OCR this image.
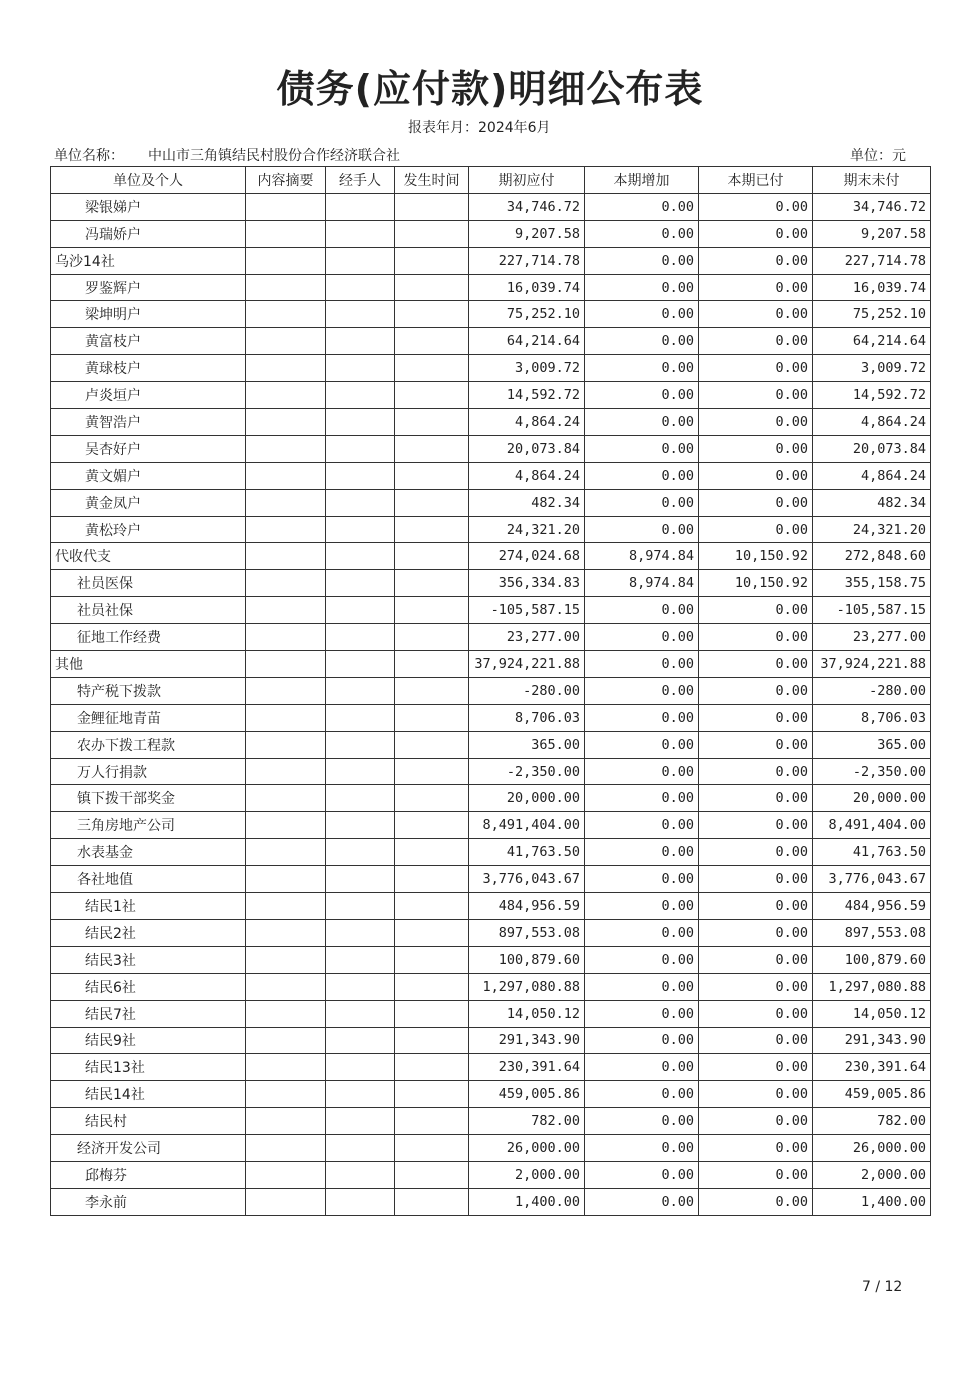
债务(应付款)明细公布表
报表年月：2024年6月
单位名称： 中山市三角镇结民村股份合作经济联合社	单位：元
单位及个人	内容摘要	经手人	发生时间	期初应付	本期增加	本期已付	期末未付
梁银娣户				34,746.72	0.00	0.00	34,746.72
冯瑞娇户				9,207.58	0.00	0.00	9,207.58
乌沙14社				227,714.78	0.00	0.00	227,714.78
罗鉴辉户				16,039.74	0.00	0.00	16,039.74
梁坤明户				75,252.10	0.00	0.00	75,252.10
黄富枝户				64,214.64	0.00	0.00	64,214.64
黄球枝户				3,009.72	0.00	0.00	3,009.72
卢炎垣户				14,592.72	0.00	0.00	14,592.72
黄智浩户				4,864.24	0.00	0.00	4,864.24
吴杏好户				20,073.84	0.00	0.00	20,073.84
黄文媚户				4,864.24	0.00	0.00	4,864.24
黄金凤户				482.34	0.00	0.00	482.34
黄松玲户				24,321.20	0.00	0.00	24,321.20
代收代支				274,024.68	8,974.84	10,150.92	272,848.60
社员医保				356,334.83	8,974.84	10,150.92	355,158.75
社员社保				-105,587.15	0.00	0.00	-105,587.15
征地工作经费				23,277.00	0.00	0.00	23,277.00
其他				37,924,221.88	0.00	0.00	37,924,221.88
特产税下拨款				-280.00	0.00	0.00	-280.00
金鲤征地青苗				8,706.03	0.00	0.00	8,706.03
农办下拨工程款				365.00	0.00	0.00	365.00
万人行捐款				-2,350.00	0.00	0.00	-2,350.00
镇下拨干部奖金				20,000.00	0.00	0.00	20,000.00
三角房地产公司				8,491,404.00	0.00	0.00	8,491,404.00
水表基金				41,763.50	0.00	0.00	41,763.50
各社地值				3,776,043.67	0.00	0.00	3,776,043.67
结民1社				484,956.59	0.00	0.00	484,956.59
结民2社				897,553.08	0.00	0.00	897,553.08
结民3社				100,879.60	0.00	0.00	100,879.60
结民6社				1,297,080.88	0.00	0.00	1,297,080.88
结民7社				14,050.12	0.00	0.00	14,050.12
结民9社				291,343.90	0.00	0.00	291,343.90
结民13社				230,391.64	0.00	0.00	230,391.64
结民14社				459,005.86	0.00	0.00	459,005.86
结民村				782.00	0.00	0.00	782.00
经济开发公司				26,000.00	0.00	0.00	26,000.00
邱梅芬				2,000.00	0.00	0.00	2,000.00
李永前				1,400.00	0.00	0.00	1,400.00
7 / 12
